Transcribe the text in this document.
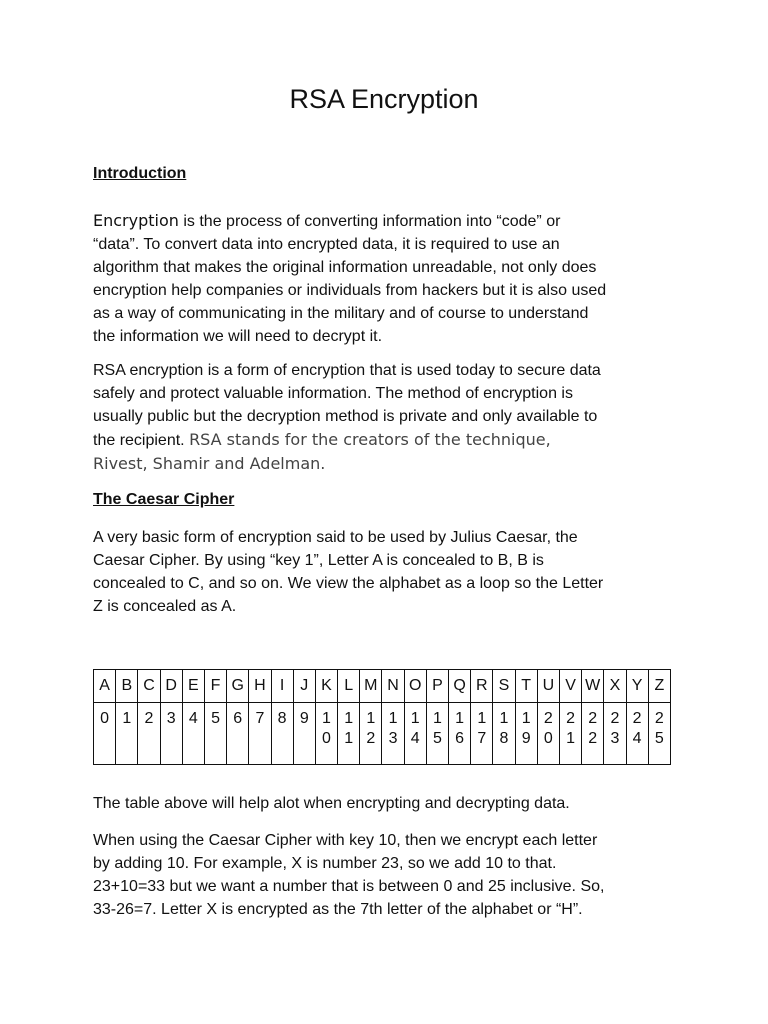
RSA Encryption
Introduction
Encryption is the process of converting information into “code” or
“data”. To convert data into encrypted data, it is required to use an
algorithm that makes the original information unreadable, not only does
encryption help companies or individuals from hackers but it is also used
as a way of communicating in the military and of course to understand
the information we will need to decrypt it.
RSA encryption is a form of encryption that is used today to secure data
safely and protect valuable information. The method of encryption is
usually public but the decryption method is private and only available to
the recipient. RSA stands for the creators of the technique,
Rivest, Shamir and Adelman.
The Caesar Cipher
A very basic form of encryption said to be used by Julius Caesar, the
Caesar Cipher. By using “key 1”, Letter A is concealed to B, B is
concealed to C, and so on. We view the alphabet as a loop so the Letter
Z is concealed as A.
A	B	C	D	E	F	G	H	I	J	K	L	M	N	O	P	Q	R	S	T	U	V	W	X	Y	Z

0	1	2	3	4	5	6	7	8	9	10	11	12	13	14	15	16	17	18	19	20	21	22	23	24	25

The table above will help alot when encrypting and decrypting data.

When using the Caesar Cipher with key 10, then we encrypt each letter
by adding 10. For example, X is number 23, so we add 10 to that.
23+10=33 but we want a number that is between 0 and 25 inclusive. So,
33-26=7. Letter X is encrypted as the 7th letter of the alphabet or “H”.
